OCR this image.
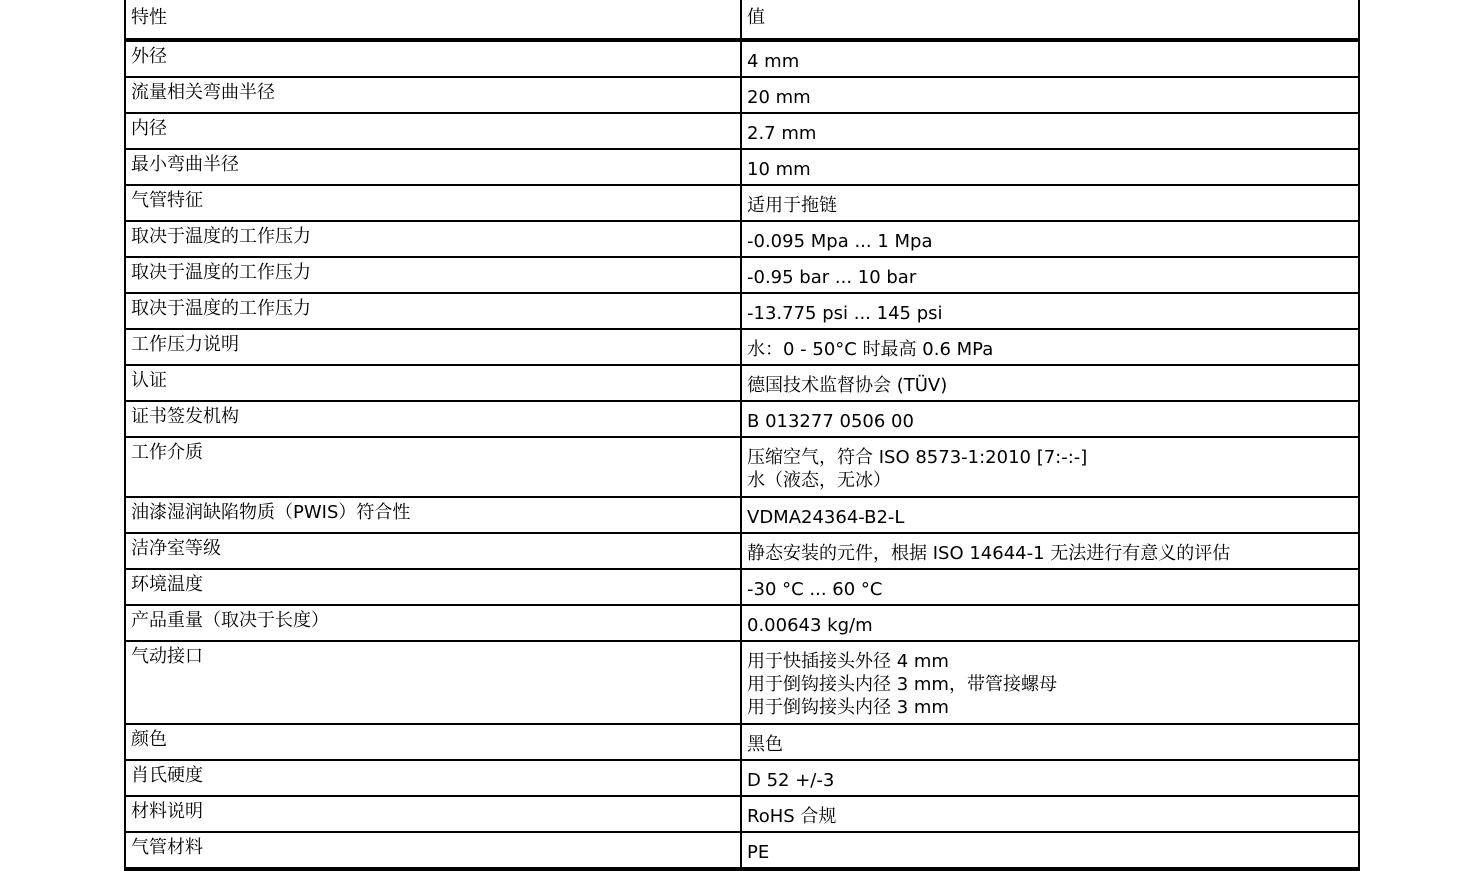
特性	值
外径	4 mm

流量相关弯曲半径	20 mm

内径	2.7 mm

最小弯曲半径	10 mm

气管特征	适用于拖链

取决于温度的工作压力	-0.095 Mpa ... 1 Mpa

取决于温度的工作压力	-0.95 bar ... 10 bar

取决于温度的工作压力	-13.775 psi ... 145 psi

工作压力说明	水：0 - 50°C 时最高 0.6 MPa

认证	德国技术监督协会 (TÜV)

证书签发机构	B 013277 0506 00

工作介质	压缩空气，符合 ISO 8573-1:2010 [7:-:-]
水（液态，无冰）

油漆湿润缺陷物质（PWIS）符合性	VDMA24364-B2-L

洁净室等级	静态安装的元件，根据 ISO 14644-1 无法进行有意义的评估

环境温度	-30 °C ... 60 °C

产品重量（取决于长度）	0.00643 kg/m

气动接口	用于快插接头外径 4 mm
用于倒钩接头内径 3 mm，带管接螺母
用于倒钩接头内径 3 mm

颜色	黑色

肖氏硬度	D 52 +/-3

材料说明	RoHS 合规

气管材料	PE
